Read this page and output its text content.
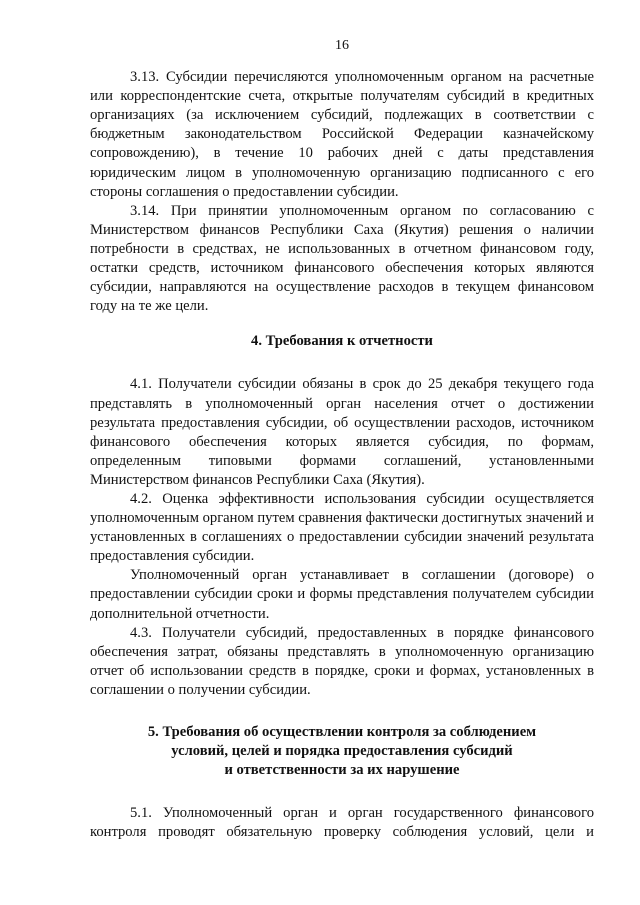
16

3.13. Субсидии перечисляются уполномоченным органом на расчетные или корреспондентские счета, открытые получателям субсидий в кредитных организациях (за исключением субсидий, подлежащих в соответствии с бюджетным законодательством Российской Федерации казначейскому сопровождению), в течение 10 рабочих дней с даты представления юридическим лицом в уполномоченную организацию подписанного с его стороны соглашения о предоставлении субсидии.

3.14. При принятии уполномоченным органом по согласованию с Министерством финансов Республики Саха (Якутия) решения о наличии потребности в средствах, не использованных в отчетном финансовом году, остатки средств, источником финансового обеспечения которых являются субсидии, направляются на осуществление расходов в текущем финансовом году на те же цели.

4. Требования к отчетности

4.1. Получатели субсидии обязаны в срок до 25 декабря текущего года представлять в уполномоченный орган населения отчет о достижении результата предоставления субсидии, об осуществлении расходов, источником финансового обеспечения которых является субсидия, по формам, определенным типовыми формами соглашений, установленными Министерством финансов Республики Саха (Якутия).

4.2. Оценка эффективности использования субсидии осуществляется уполномоченным органом путем сравнения фактически достигнутых значений и установленных в соглашениях о предоставлении субсидии значений результата предоставления субсидии.

Уполномоченный орган устанавливает в соглашении (договоре) о предоставлении субсидии сроки и формы представления получателем субсидии дополнительной отчетности.

4.3. Получатели субсидий, предоставленных в порядке финансового обеспечения затрат, обязаны представлять в уполномоченную организацию отчет об использовании средств в порядке, сроки и формах, установленных в соглашении о получении субсидии.

5. Требования об осуществлении контроля за соблюдением
условий, целей и порядка предоставления субсидий
и ответственности за их нарушение

5.1. Уполномоченный орган и орган государственного финансового контроля проводят обязательную проверку соблюдения условий, цели и
